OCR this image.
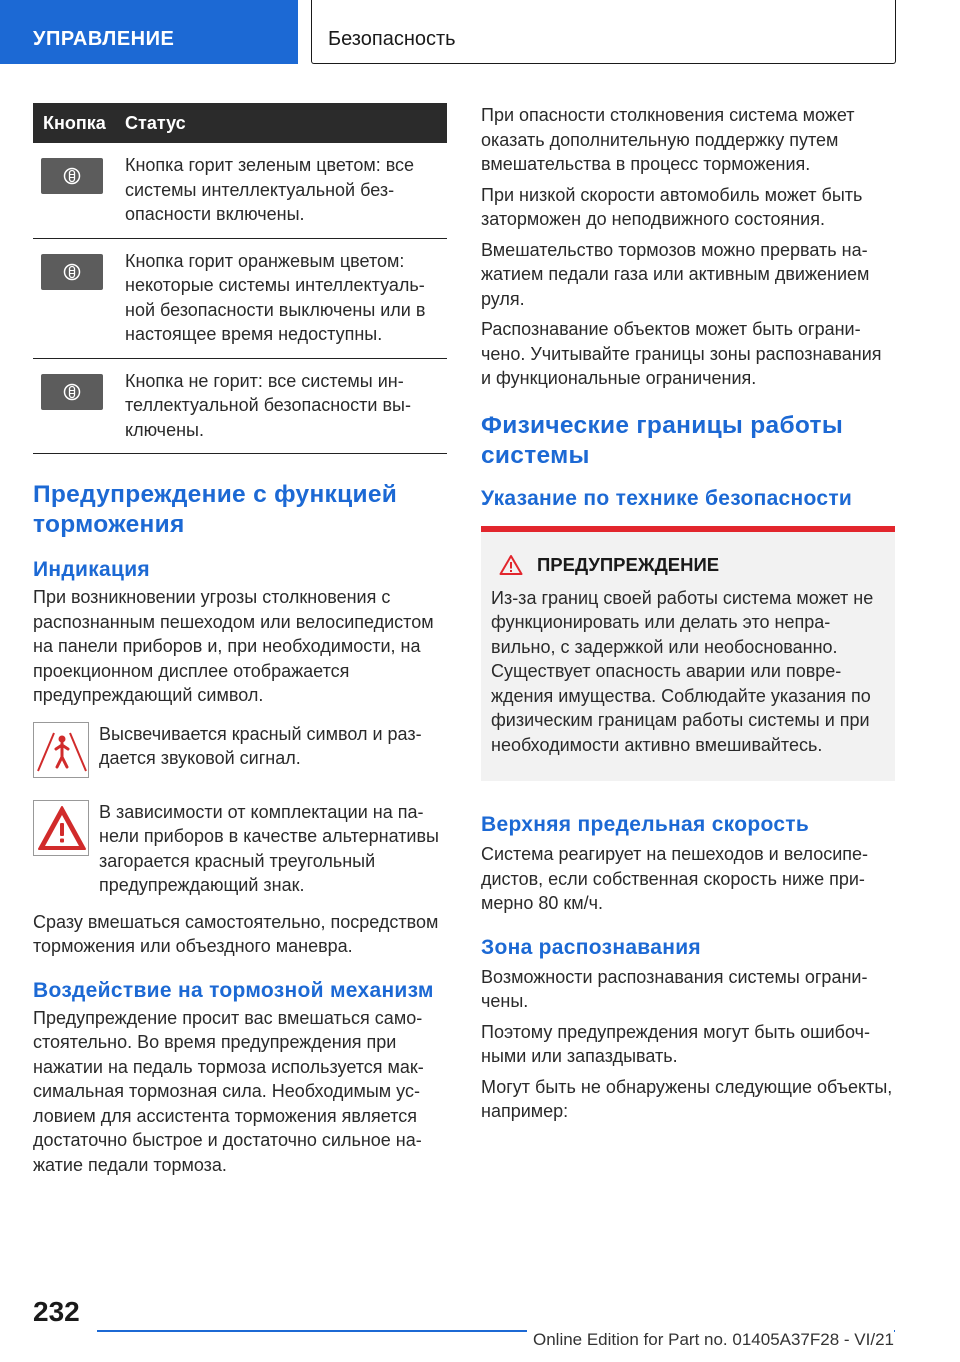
УПРАВЛЕНИЕ	Безопасность
Кнопка	Статус
Кнопка горит зеленым цветом: все системы интеллектуальной безопасности включены.
Кнопка горит оранжевым цветом: некоторые системы интеллектуальной безопасности выключены или в настоящее время недоступны.
Кнопка не горит: все системы интеллектуальной безопасности выключены.
Предупреждение с функцией торможения
Индикация

При возникновении угрозы столкновения с распознанным пешеходом или велосипедистом на панели приборов и, при необходимости, на проекционном дисплее отображается предупреждающий символ.

Высвечивается красный символ и раздается звуковой сигнал.

В зависимости от комплектации на панели приборов в качестве альтернативы загорается красный треугольный предупреждающий знак.

Сразу вмешаться самостоятельно, посредством торможения или объездного маневра.

Воздействие на тормозной механизм

Предупреждение просит вас вмешаться самостоятельно. Во время предупреждения при нажатии на педаль тормоза используется максимальная тормозная сила. Необходимым условием для ассистента торможения является достаточно быстрое и достаточно сильное нажатие педали тормоза.

При опасности столкновения система может оказать дополнительную поддержку путем вмешательства в процесс торможения.

При низкой скорости автомобиль может быть заторможен до неподвижного состояния.

Вмешательство тормозов можно прервать нажатием педали газа или активным движением руля.

Распознавание объектов может быть ограничено. Учитывайте границы зоны распознавания и функциональные ограничения.

Физические границы работы системы
Указание по технике безопасности
ПРЕДУПРЕЖДЕНИЕ

Из-за границ своей работы система может не функционировать или делать это неправильно, с задержкой или необоснованно. Существует опасность аварии или повреждения имущества. Соблюдайте указания по физическим границам работы системы и при необходимости активно вмешивайтесь.

Верхняя предельная скорость

Система реагирует на пешеходов и велосипедистов, если собственная скорость ниже примерно 80 км/ч.

Зона распознавания

Возможности распознавания системы ограничены.

Поэтому предупреждения могут быть ошибочными или запаздывать.

Могут быть не обнаружены следующие объекты, например:

232
Online Edition for Part no. 01405A37F28 - VI/21
